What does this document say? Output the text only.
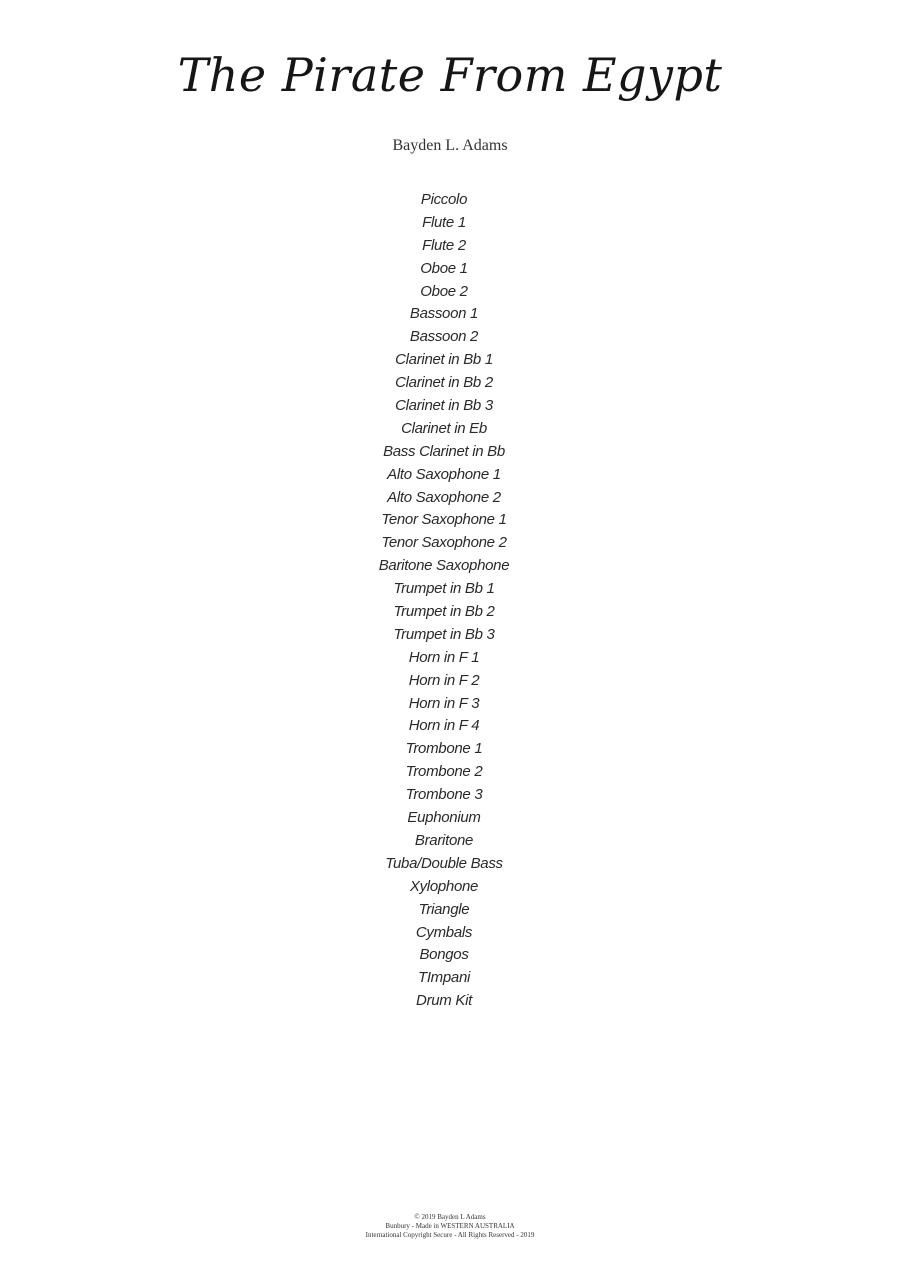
The Pirate From Egypt
Bayden L. Adams
Piccolo
Flute 1
Flute 2
Oboe 1
Oboe 2
Bassoon 1
Bassoon 2
Clarinet in Bb 1
Clarinet in Bb 2
Clarinet in Bb 3
Clarinet in Eb
Bass Clarinet in Bb
Alto Saxophone 1
Alto Saxophone 2
Tenor Saxophone 1
Tenor Saxophone 2
Baritone Saxophone
Trumpet in Bb 1
Trumpet in Bb 2
Trumpet in Bb 3
Horn in F 1
Horn in F 2
Horn in F 3
Horn in F 4
Trombone 1
Trombone 2
Trombone 3
Euphonium
Braritone
Tuba/Double Bass
Xylophone
Triangle
Cymbals
Bongos
TImpani
Drum Kit
© 2019 Bayden L Adams
Bunbury - Made in WESTERN AUSTRALIA
International Copyright Secure - All Rights Reserved - 2019
